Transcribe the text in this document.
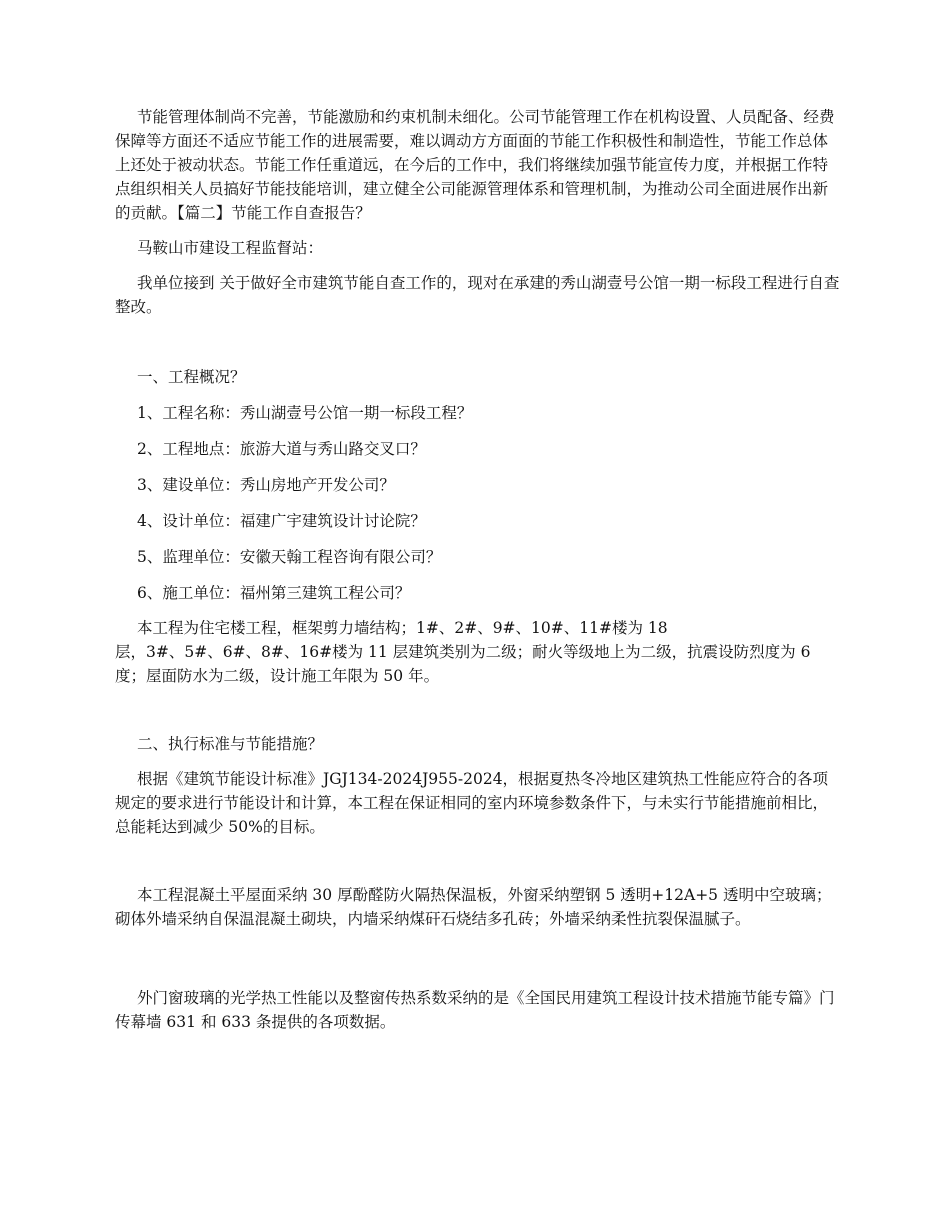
节能管理体制尚不完善，节能激励和约束机制未细化。公司节能管理工作在机构设置、人员配备、经费保障等方面还不适应节能工作的进展需要，难以调动方方面面的节能工作积极性和制造性，节能工作总体上还处于被动状态。节能工作任重道远，在今后的工作中，我们将继续加强节能宣传力度，并根据工作特点组织相关人员搞好节能技能培训，建立健全公司能源管理体系和管理机制，为推动公司全面进展作出新的贡献。【篇二】节能工作自查报告？

马鞍山市建设工程监督站：

我单位接到 关于做好全市建筑节能自查工作的，现对在承建的秀山湖壹号公馆一期一标段工程进行自查整改。

一、工程概况？

1、工程名称：秀山湖壹号公馆一期一标段工程？

2、工程地点：旅游大道与秀山路交叉口？

3、建设单位：秀山房地产开发公司？

4、设计单位：福建广宇建筑设计讨论院？

5、监理单位：安徽天翰工程咨询有限公司？

6、施工单位：福州第三建筑工程公司？

本工程为住宅楼工程，框架剪力墙结构；1#、2#、9#、10#、11#楼为 18

层，3#、5#、6#、8#、16#楼为 11 层建筑类别为二级；耐火等级地上为二级，抗震设防烈度为 6 度；屋面防水为二级，设计施工年限为 50 年。

二、执行标准与节能措施？

根据《建筑节能设计标准》JGJ134-2024J955-2024，根据夏热冬冷地区建筑热工性能应符合的各项规定的要求进行节能设计和计算，本工程在保证相同的室内环境参数条件下，与未实行节能措施前相比，总能耗达到减少 50%的目标。

本工程混凝土平屋面采纳 30 厚酚醛防火隔热保温板，外窗采纳塑钢 5 透明+12A+5 透明中空玻璃；砌体外墙采纳自保温混凝土砌块，内墙采纳煤矸石烧结多孔砖；外墙采纳柔性抗裂保温腻子。

外门窗玻璃的光学热工性能以及整窗传热系数采纳的是《全国民用建筑工程设计技术措施节能专篇》门传幕墙 631 和 633 条提供的各项数据。
